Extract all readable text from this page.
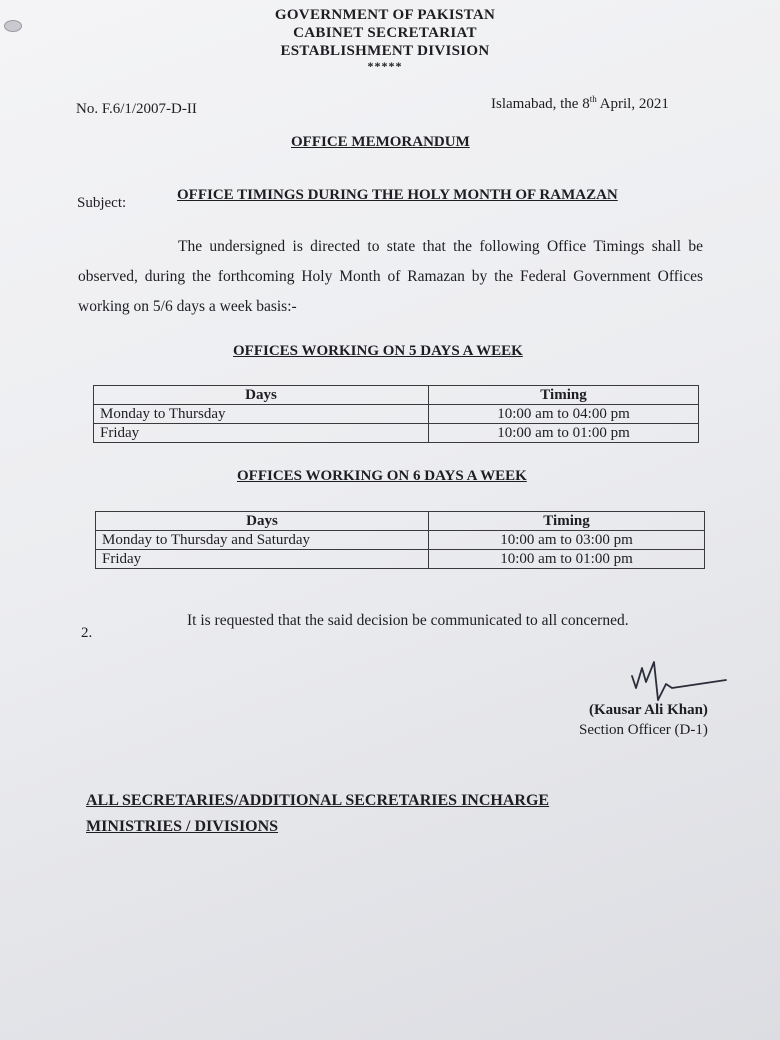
GOVERNMENT OF PAKISTAN
CABINET SECRETARIAT
ESTABLISHMENT DIVISION
*****
No. F.6/1/2007-D-II	Islamabad, the 8th April, 2021
OFFICE MEMORANDUM
Subject:	OFFICE TIMINGS DURING THE HOLY MONTH OF RAMAZAN
The undersigned is directed to state that the following Office Timings shall be observed, during the forthcoming Holy Month of Ramazan by the Federal Government Offices working on 5/6 days a week basis:-
OFFICES WORKING ON 5 DAYS A WEEK
Days	Timing
Monday to Thursday	10:00 am to 04:00 pm
Friday	10:00 am to 01:00 pm
OFFICES WORKING ON 6 DAYS A WEEK
Days	Timing
Monday to Thursday and Saturday	10:00 am to 03:00 pm
Friday	10:00 am to 01:00 pm
2.
It is requested that the said decision be communicated to all concerned.
(Kausar Ali Khan)
Section Officer (D-1)
ALL SECRETARIES/ADDITIONAL SECRETARIES INCHARGE
MINISTRIES / DIVISIONS
